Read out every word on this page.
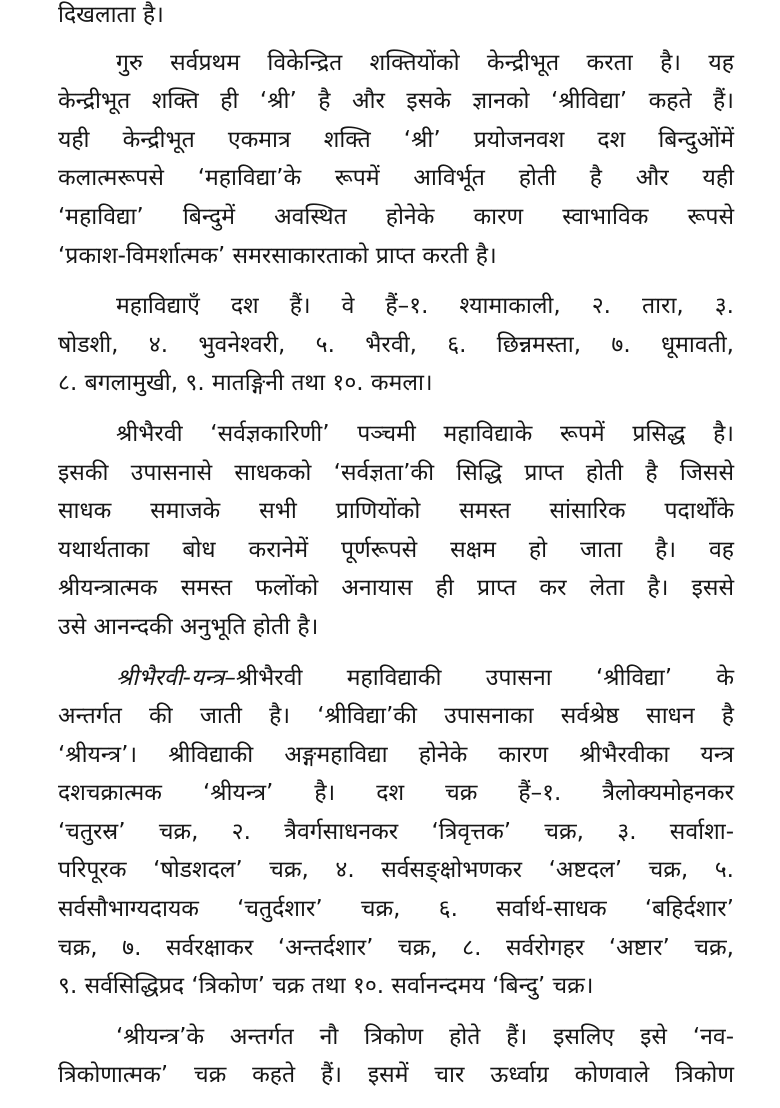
दिखलाता है।
गुरु सर्वप्रथम विकेन्द्रित शक्तियोंको केन्द्रीभूत करता है। यह
केन्द्रीभूत शक्ति ही ‘श्री’ है और इसके ज्ञानको ‘श्रीविद्या’ कहते हैं।
यही केन्द्रीभूत एकमात्र शक्ति ‘श्री’ प्रयोजनवश दश बिन्दुओंमें
कलात्मरूपसे ‘महाविद्या’के रूपमें आविर्भूत होती है और यही
‘महाविद्या’ बिन्दुमें अवस्थित होनेके कारण स्वाभाविक रूपसे
‘प्रकाश-विमर्शात्मक’ समरसाकारताको प्राप्त करती है।
महाविद्याएँ दश हैं। वे हैं–१. श्यामाकाली, २. तारा, ३.
षोडशी, ४. भुवनेश्वरी, ५. भैरवी, ६. छिन्नमस्ता, ७. धूमावती,
८. बगलामुखी, ९. मातङ्गिनी तथा १०. कमला।
श्रीभैरवी ‘सर्वज्ञकारिणी’ पञ्चमी महाविद्याके रूपमें प्रसिद्ध है।
इसकी उपासनासे साधकको ‘सर्वज्ञता’की सिद्धि प्राप्त होती है जिससे
साधक समाजके सभी प्राणियोंको समस्त सांसारिक पदार्थोंके
यथार्थताका बोध करानेमें पूर्णरूपसे सक्षम हो जाता है। वह
श्रीयन्त्रात्मक समस्त फलोंको अनायास ही प्राप्त कर लेता है। इससे
उसे आनन्दकी अनुभूति होती है।
श्रीभैरवी-यन्त्र–श्रीभैरवी महाविद्याकी उपासना ‘श्रीविद्या’ के
अन्तर्गत की जाती है। ‘श्रीविद्या’की उपासनाका सर्वश्रेष्ठ साधन है
‘श्रीयन्त्र’। श्रीविद्याकी अङ्गमहाविद्या होनेके कारण श्रीभैरवीका यन्त्र
दशचक्रात्मक ‘श्रीयन्त्र’ है। दश चक्र हैं–१. त्रैलोक्यमोहनकर
‘चतुरस्र’ चक्र, २. त्रैवर्गसाधनकर ‘त्रिवृत्तक’ चक्र, ३. सर्वाशा-
परिपूरक ‘षोडशदल’ चक्र, ४. सर्वसङ्क्षोभणकर ‘अष्टदल’ चक्र, ५.
सर्वसौभाग्यदायक ‘चतुर्दशार’ चक्र, ६. सर्वार्थ-साधक ‘बहिर्दशार’
चक्र, ७. सर्वरक्षाकर ‘अन्तर्दशार’ चक्र, ८. सर्वरोगहर ‘अष्टार’ चक्र,
९. सर्वसिद्धिप्रद ‘त्रिकोण’ चक्र तथा १०. सर्वानन्दमय ‘बिन्दु’ चक्र।
‘श्रीयन्त्र’के अन्तर्गत नौ त्रिकोण होते हैं। इसलिए इसे ‘नव-
त्रिकोणात्मक’ चक्र कहते हैं। इसमें चार ऊर्ध्वाग्र कोणवाले त्रिकोण
